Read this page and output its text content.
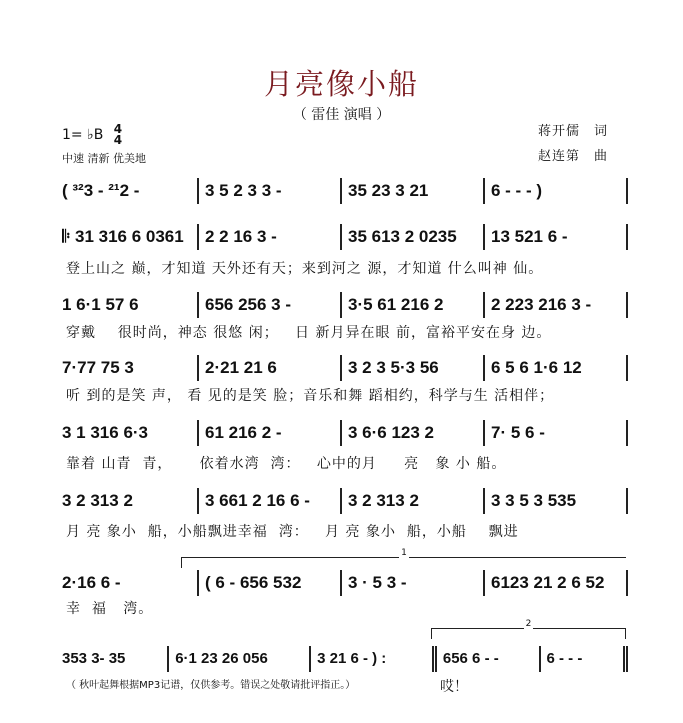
月亮像小船
（ 雷佳 演唱 ）
1= ♭B 4
4
中速 清新 优美地
蒋开儒　词
赵连第　曲
( ³²3 - ²¹2 -	3 5 2 3 3 -	35 23 3 21	6 - - - )
𝄆 31 316 6 0361	2 2 16 3 -	35 613 2 0235	13 521 6 -
登上山之 巅，才知道 天外还有天；来到河之 源，才知道 什么叫神 仙。
1 6·1 57 6	656 256 3 -	3·5 61 216 2	2 223 216 3 -
穿戴    很时尚，神态 很悠 闲；   日 新月异在眼 前，富裕平安在身 边。
7·77 75 3	2·21 21 6	3 2 3 5·3 56	6 5 6 1·6 12
听 到的是笑 声， 看 见的是笑 脸；音乐和舞 蹈相约，科学与生 活相伴；
3 1 316 6·3	61 216 2 -	3 6·6 123 2	7· 5 6 -
靠着 山青  青，     依着水湾  湾：   心中的月     亮   象 小 船。
3 2 313 2	3 661 2 16 6 -	3 2 313 2	3 3 5 3 535
月 亮 象小  船，小船飘进幸福  湾：   月 亮 象小  船，小船    飘进
1
2·16 6 -	( 6 - 656 532	3 · 5 3 -	6123 21 2 6 52
幸  福   湾。
2
353 3- 35	6·1 23 26 056	3 21 6 - ) :	656 6 - -	6 - - -
（ 秋叶起舞根据MP3记谱，仅供参考。错误之处敬请批评指正。）	哎！
